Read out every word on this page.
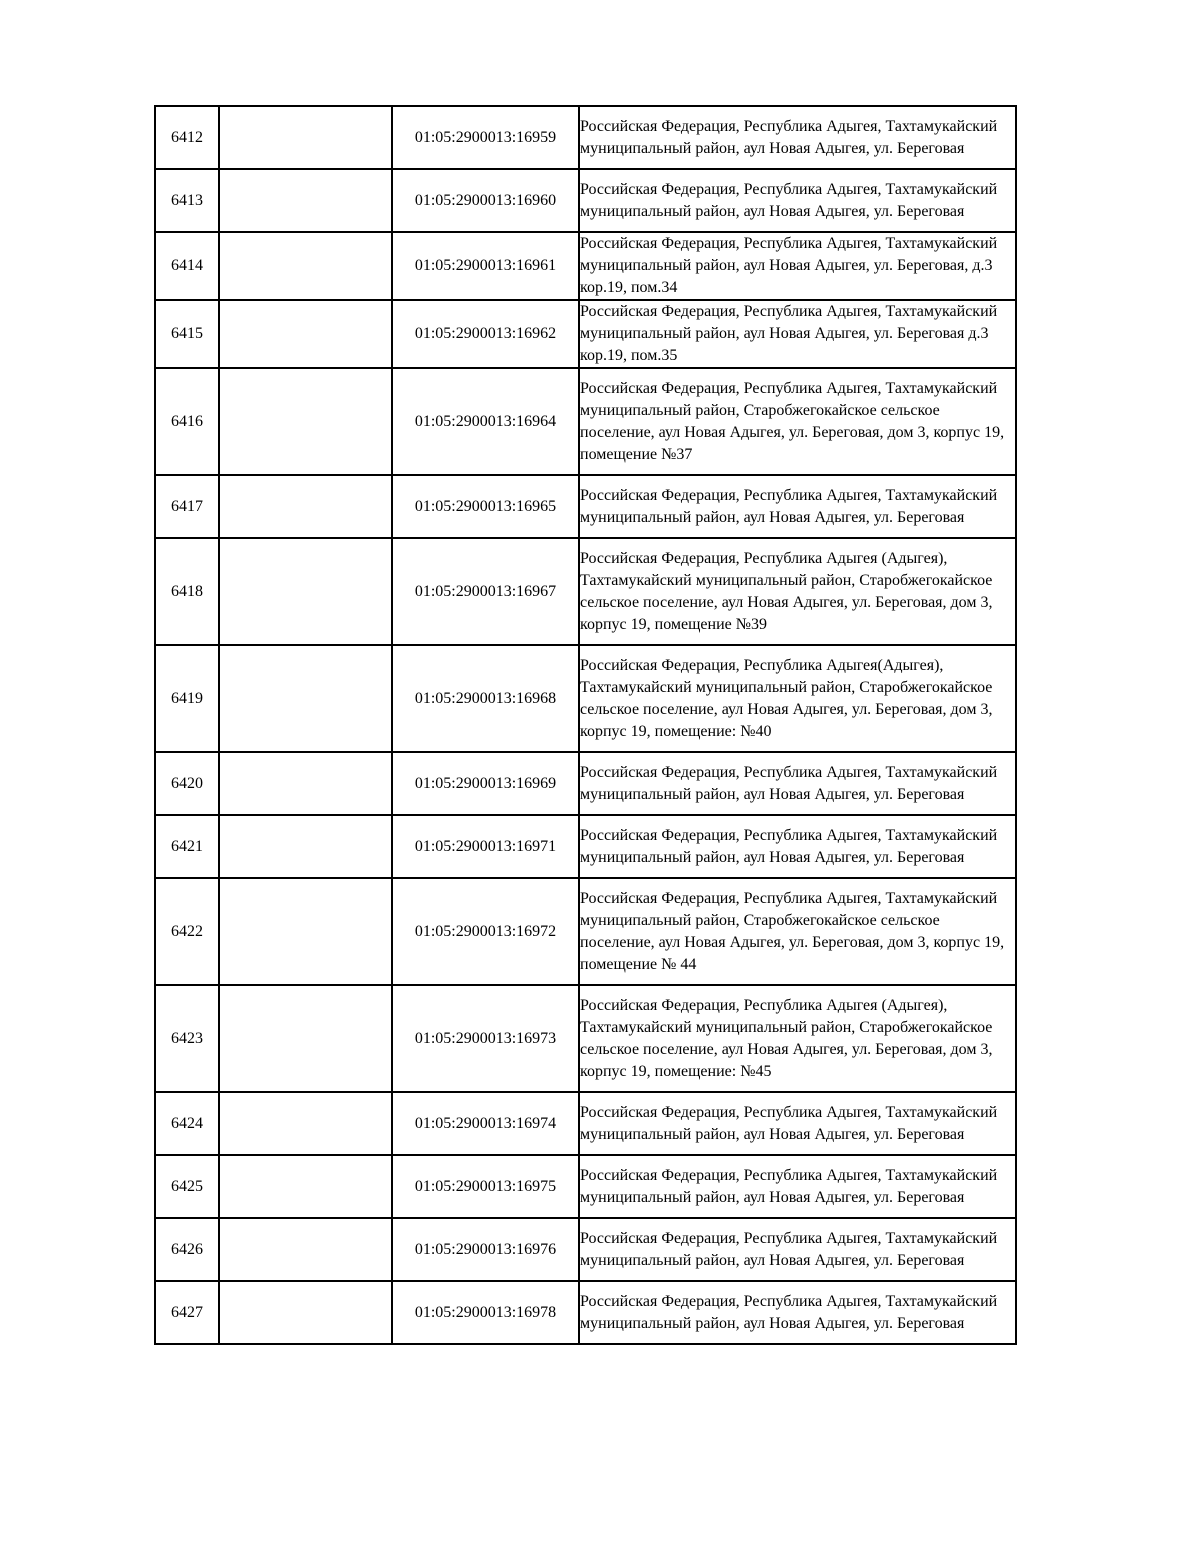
6412		01:05:2900013:16959	Российская Федерация, Республика Адыгея, Тахтамукайский муниципальный район, аул Новая Адыгея, ул. Береговая
6413		01:05:2900013:16960	Российская Федерация, Республика Адыгея, Тахтамукайский муниципальный район, аул Новая Адыгея, ул. Береговая
6414		01:05:2900013:16961	Российская Федерация, Республика Адыгея, Тахтамукайский муниципальный район, аул Новая Адыгея, ул. Береговая, д.3 кор.19, пом.34
6415		01:05:2900013:16962	Российская Федерация, Республика Адыгея, Тахтамукайский муниципальный район, аул Новая Адыгея, ул. Береговая д.3 кор.19, пом.35
6416		01:05:2900013:16964	Российская Федерация, Республика Адыгея, Тахтамукайский муниципальный район, Старобжегокайское сельское поселение, аул Новая Адыгея, ул. Береговая, дом 3, корпус 19, помещение №37
6417		01:05:2900013:16965	Российская Федерация, Республика Адыгея, Тахтамукайский муниципальный район, аул Новая Адыгея, ул. Береговая
6418		01:05:2900013:16967	Российская Федерация, Республика Адыгея (Адыгея), Тахтамукайский муниципальный район, Старобжегокайское сельское поселение, аул Новая Адыгея, ул. Береговая, дом 3, корпус 19, помещение №39
6419		01:05:2900013:16968	Российская Федерация, Республика Адыгея(Адыгея), Тахтамукайский муниципальный район, Старобжегокайское сельское поселение, аул Новая Адыгея, ул. Береговая, дом 3, корпус 19, помещение: №40
6420		01:05:2900013:16969	Российская Федерация, Республика Адыгея, Тахтамукайский муниципальный район, аул Новая Адыгея, ул. Береговая
6421		01:05:2900013:16971	Российская Федерация, Республика Адыгея, Тахтамукайский муниципальный район, аул Новая Адыгея, ул. Береговая
6422		01:05:2900013:16972	Российская Федерация, Республика Адыгея, Тахтамукайский муниципальный район, Старобжегокайское сельское поселение, аул Новая Адыгея, ул. Береговая, дом 3, корпус 19, помещение № 44
6423		01:05:2900013:16973	Российская Федерация, Республика Адыгея (Адыгея), Тахтамукайский муниципальный район, Старобжегокайское сельское поселение, аул Новая Адыгея, ул. Береговая, дом 3, корпус 19, помещение: №45
6424		01:05:2900013:16974	Российская Федерация, Республика Адыгея, Тахтамукайский муниципальный район, аул Новая Адыгея, ул. Береговая
6425		01:05:2900013:16975	Российская Федерация, Республика Адыгея, Тахтамукайский муниципальный район, аул Новая Адыгея, ул. Береговая
6426		01:05:2900013:16976	Российская Федерация, Республика Адыгея, Тахтамукайский муниципальный район, аул Новая Адыгея, ул. Береговая
6427		01:05:2900013:16978	Российская Федерация, Республика Адыгея, Тахтамукайский муниципальный район, аул Новая Адыгея, ул. Береговая
